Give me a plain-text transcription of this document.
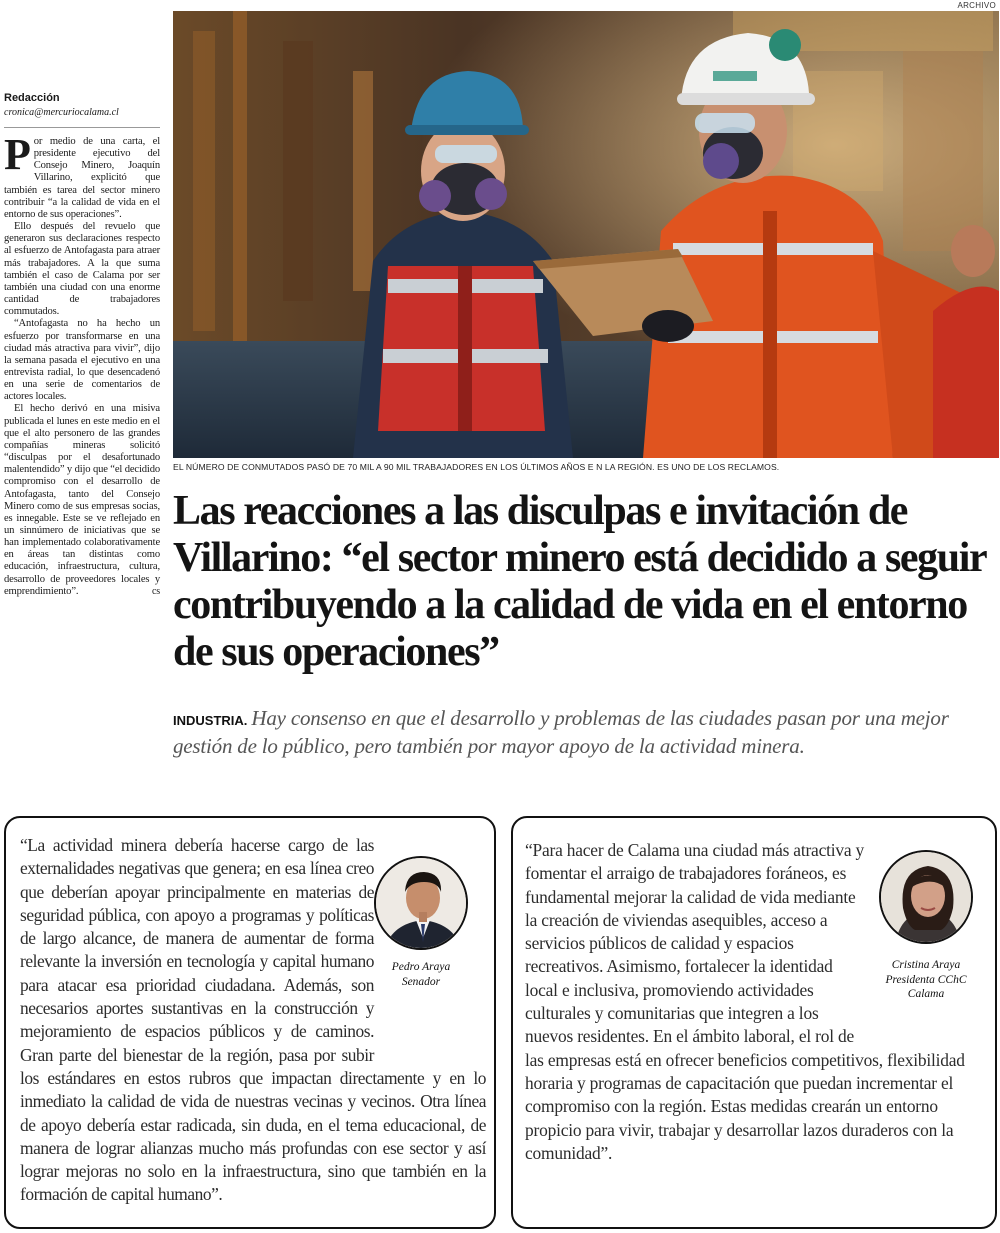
ARCHIVO
Redacción
cronica@mercuriocalama.cl

Por medio de una carta, el presidente ejecutivo del Consejo Minero, Joaquín Villarino, explicitó que también es tarea del sector minero contribuir “a la calidad de vida en el entorno de sus operaciones”.

Ello después del revuelo que generaron sus declaraciones respecto al esfuerzo de Antofagasta para atraer más trabajadores. A la que suma también el caso de Calama por ser también una ciudad con una enorme cantidad de trabajadores commutados.

“Antofagasta no ha hecho un esfuerzo por transformarse en una ciudad más atractiva para vivir”, dijo la semana pasada el ejecutivo en una entrevista radial, lo que desencadenó en una serie de comentarios de actores locales.

El hecho derivó en una misiva publicada el lunes en este medio en el que el alto personero de las grandes compañías mineras solicitó “disculpas por el desafortunado malentendido” y dijo que “el decidido compromiso con el desarrollo de Antofagasta, tanto del Consejo Minero como de sus empresas socias, es innegable. Este se ve reflejado en un sinnúmero de iniciativas que se han implementado colaborativamente en áreas tan distintas como educación, infraestructura, cultura, desarrollo de proveedores locales y emprendimiento”.	cs

EL NÚMERO DE CONMUTADOS PASÓ DE 70 MIL A 90 MIL TRABAJADORES EN LOS ÚLTIMOS AÑOS E N LA REGIÓN. ES UNO DE LOS RECLAMOS.
Las reacciones a las disculpas e invitación de Villarino: “el sector minero está decidido a seguir contribuyendo a la calidad de vida en el entorno de sus operaciones”
INDUSTRIA. Hay consenso en que el desarrollo y problemas de las ciudades pasan por una mejor gestión de lo público, pero también por mayor apoyo de la actividad minera.
Pedro Araya
Senador
“La actividad minera debería hacerse cargo de las externalidades negativas que genera; en esa línea creo que deberían apoyar principalmente en materias de seguridad pública, con apoyo a programas y políticas de largo alcance, de manera de aumentar de forma relevante la inversión en tecnología y capital humano para atacar esa prioridad ciudadana. Además, son necesarios aportes sustantivas en la construcción y mejoramiento de espacios públicos y de caminos. Gran parte del bienestar de la región, pasa por subir los estándares en estos rubros que impactan directamente y en lo inmediato la calidad de vida de nuestras vecinas y vecinos. Otra línea de apoyo debería estar radicada, sin duda, en el tema educacional, de manera de lograr alianzas mucho más profundas con ese sector y así lograr mejoras no solo en la infraestructura, sino que también en la formación de capital humano”.
Cristina Araya
Presidenta CChC
Calama
“Para hacer de Calama una ciudad más atractiva y fomentar el arraigo de trabajadores foráneos, es fundamental mejorar la calidad de vida mediante la creación de viviendas asequibles, acceso a servicios públicos de calidad y espacios recreativos. Asimismo, fortalecer la identidad local e inclusiva, promoviendo actividades culturales y comunitarias que integren a los nuevos residentes. En el ámbito laboral, el rol de las empresas está en ofrecer beneficios competitivos, flexibilidad horaria y programas de capacitación que puedan incrementar el compromiso con la región. Estas medidas crearán un entorno propicio para vivir, trabajar y desarrollar lazos duraderos con la comunidad”.
